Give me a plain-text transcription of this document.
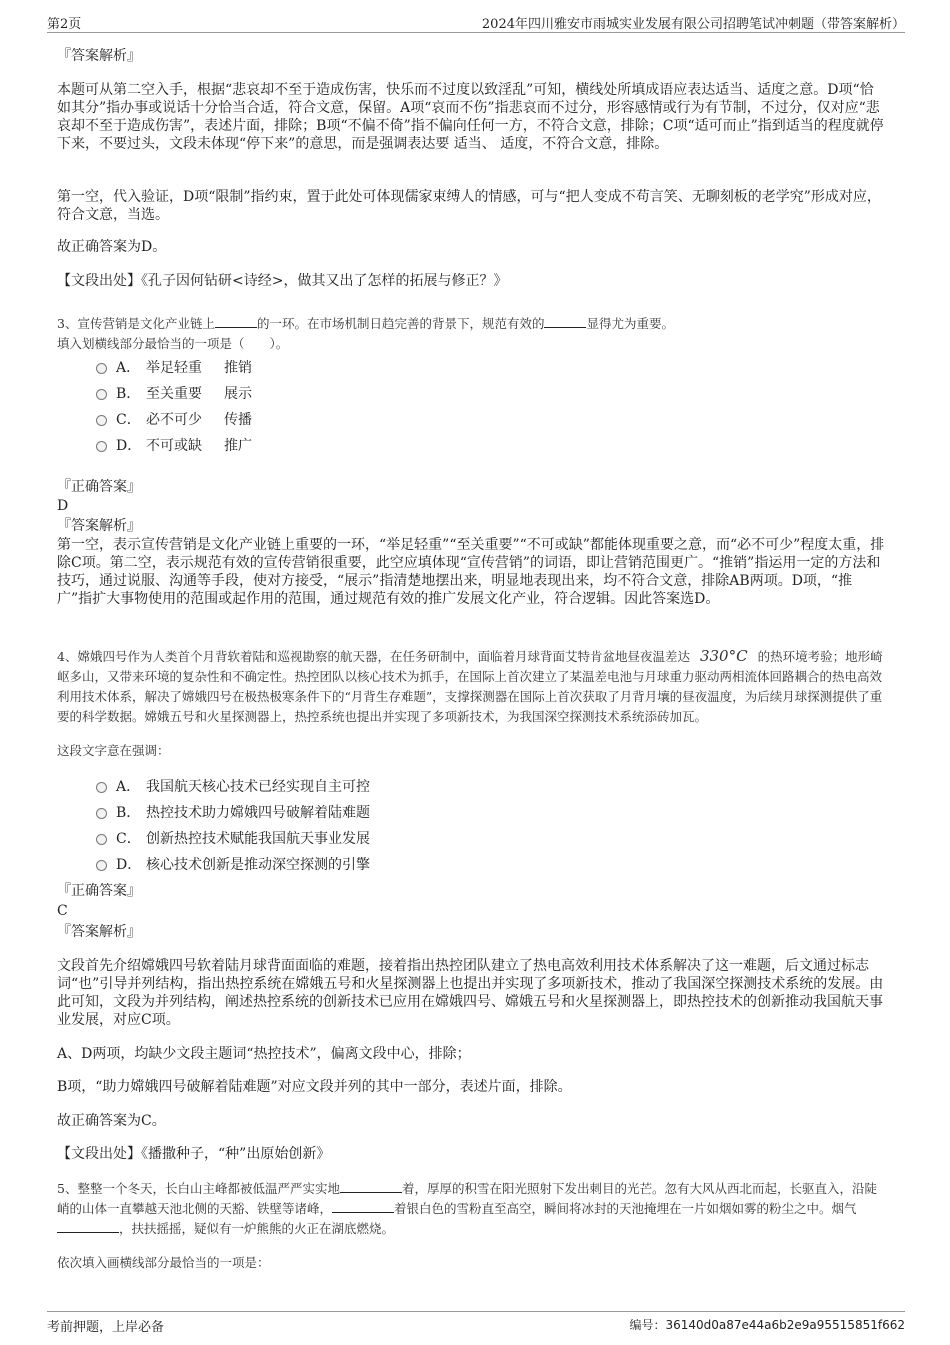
第2页	2024年四川雅安市雨城实业发展有限公司招聘笔试冲刺题（带答案解析）
『答案解析』
本题可从第二空入手，根据“悲哀却不至于造成伤害，快乐而不过度以致淫乱”可知，横线处所填成语应表达适当、适度之意。D项“恰如其分”指办事或说话十分恰当合适，符合文意，保留。A项“哀而不伤”指悲哀而不过分，形容感情或行为有节制，不过分，仅对应“悲哀却不至于造成伤害”，表述片面，排除；B项“不偏不倚”指不偏向任何一方，不符合文意，排除；C项“适可而止”指到适当的程度就停下来，不要过头，文段未体现“停下来”的意思，而是强调表达要 适当、 适度，不符合文意，排除。
第一空，代入验证，D项“限制”指约束，置于此处可体现儒家束缚人的情感，可与“把人变成不苟言笑、无聊刻板的老学究”形成对应，符合文意，当选。
故正确答案为D。
【文段出处】《孔子因何钻研<诗经>，做其又出了怎样的拓展与修正？》
3、宣传营销是文化产业链上	的一环。在市场机制日趋完善的背景下，规范有效的	显得尤为重要。
填入划横线部分最恰当的一项是（　　）。
A． 举足轻重 推销
B． 至关重要 展示
C． 必不可少 传播
D． 不可或缺 推广
『正确答案』
D
『答案解析』
第一空，表示宣传营销是文化产业链上重要的一环，“举足轻重”“至关重要”“不可或缺”都能体现重要之意，而“必不可少”程度太重，排除C项。第二空，表示规范有效的宣传营销很重要，此空应填体现“宣传营销”的词语，即让营销范围更广。“推销”指运用一定的方法和技巧，通过说服、沟通等手段，使对方接受，“展示”指清楚地摆出来，明显地表现出来，均不符合文意，排除AB两项。D项，“推广”指扩大事物使用的范围或起作用的范围，通过规范有效的推广发展文化产业，符合逻辑。因此答案选D。
4、嫦娥四号作为人类首个月背软着陆和巡视勘察的航天器，在任务研制中，面临着月球背面艾特肯盆地昼夜温差达 330°C 的热环境考验；地形崎岖多山，又带来环境的复杂性和不确定性。热控团队以核心技术为抓手，在国际上首次建立了某温差电池与月球重力驱动两相流体回路耦合的热电高效利用技术体系，解决了嫦娥四号在极热极寒条件下的“月背生存难题”，支撑探测器在国际上首次获取了月背月壤的昼夜温度，为后续月球探测提供了重要的科学数据。嫦娥五号和火星探测器上，热控系统也提出并实现了多项新技术，为我国深空探测技术系统添砖加瓦。
这段文字意在强调：
A． 我国航天核心技术已经实现自主可控
B． 热控技术助力嫦娥四号破解着陆难题
C． 创新热控技术赋能我国航天事业发展
D． 核心技术创新是推动深空探测的引擎
『正确答案』
C
『答案解析』
文段首先介绍嫦娥四号软着陆月球背面面临的难题，接着指出热控团队建立了热电高效利用技术体系解决了这一难题，后文通过标志词“也”引导并列结构，指出热控系统在嫦娥五号和火星探测器上也提出并实现了多项新技术，推动了我国深空探测技术系统的发展。由此可知，文段为并列结构，阐述热控系统的创新技术已应用在嫦娥四号、嫦娥五号和火星探测器上，即热控技术的创新推动我国航天事业发展，对应C项。
A、D两项，均缺少文段主题词“热控技术”，偏离文段中心，排除；
B项，“助力嫦娥四号破解着陆难题”对应文段并列的其中一部分，表述片面，排除。
故正确答案为C。
【文段出处】《播撒种子，“种”出原始创新》
5、整整一个冬天，长白山主峰都被低温严严实实地	着，厚厚的积雪在阳光照射下发出刺目的光芒。忽有大风从西北而起，长驱直入，沿陡峭的山体一直攀越天池北侧的天豁、铁壁等诸峰，	着银白色的雪粉直至高空，瞬间将冰封的天池掩埋在一片如烟如雾的粉尘之中。烟气，扶扶摇摇，疑似有一炉熊熊的火正在湖底燃烧。
依次填入画横线部分最恰当的一项是：
考前押题，上岸必备	编号：36140d0a87e44a6b2e9a95515851f662
